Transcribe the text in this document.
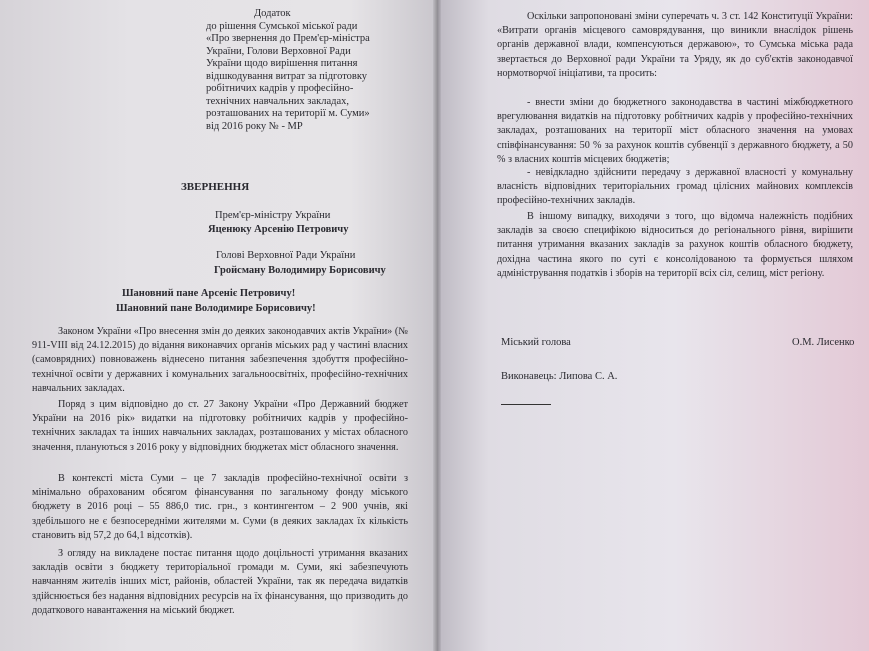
Додаток
до рішення Сумської міської ради
«Про звернення до Прем'єр-міністра
України, Голови Верховної Ради
України щодо вирішення питання
відшкодування витрат за підготовку
робітничих кадрів у професійно-
технічних навчальних закладах,
розташованих на території м. Суми»
від 2016 року № - МР
ЗВЕРНЕННЯ
Прем'єр-міністру України
Яценюку Арсенію Петровичу
Голові Верховної Ради України
Гройсману Володимиру Борисовичу
Шановний пане Арсеніє Петровичу!
Шановний пане Володимире Борисовичу!

Законом України «Про внесення змін до деяких законодавчих актів України» (№ 911-VIII від 24.12.2015) до відання виконавчих органів міських рад у частині власних (самоврядних) повноважень віднесено питання забезпечення здобуття професійно-технічної освіти у державних і комунальних загальноосвітніх, професійно-технічних навчальних закладах.

Поряд з цим відповідно до ст. 27 Закону України «Про Державний бюджет України на 2016 рік» видатки на підготовку робітничих кадрів у професійно-технічних закладах та інших навчальних закладах, розташованих у містах обласного значення, плануються з 2016 року у відповідних бюджетах міст обласного значення.

В контексті міста Суми – це 7 закладів професійно-технічної освіти з мінімально обрахованим обсягом фінансування по загальному фонду міського бюджету в 2016 році – 55 886,0 тис. грн., з контингентом – 2 900 учнів, які здебільшого не є безпосередніми жителями м. Суми (в деяких закладах їх кількість становить від 57,2 до 64,1 відсотків).

З огляду на викладене постає питання щодо доцільності утримання вказаних закладів освіти з бюджету територіальної громади м. Суми, які забезпечують навчанням жителів інших міст, районів, областей України, так як передача видатків здійснюється без надання відповідних ресурсів на їх фінансування, що призводить до додаткового навантаження на міський бюджет.

Оскільки запропоновані зміни суперечать ч. 3 ст. 142 Конституції України: «Витрати органів місцевого самоврядування, що виникли внаслідок рішень органів державної влади, компенсуються державою», то Сумська міська рада звертається до Верховної ради України та Уряду, як до суб'єктів законодавчої нормотворчої ініціативи, та просить:

- внести зміни до бюджетного законодавства в частині міжбюджетного врегулювання видатків на підготовку робітничих кадрів у професійно-технічних закладах, розташованих на території міст обласного значення на умовах співфінансування: 50 % за рахунок коштів субвенції з державного бюджету, а 50 % з власних коштів місцевих бюджетів;

- невідкладно здійснити передачу з державної власності у комунальну власність відповідних територіальних громад цілісних майнових комплексів професійно-технічних закладів.

В іншому випадку, виходячи з того, що відомча належність подібних закладів за своєю специфікою відноситься до регіонального рівня, вирішити питання утримання вказаних закладів за рахунок коштів обласного бюджету, дохідна частина якого по суті є консолідованою та формується шляхом адміністрування податків і зборів на території всіх сіл, селищ, міст регіону.

Міський голова	О.М. Лисенко
Виконавець: Липова С. А.
